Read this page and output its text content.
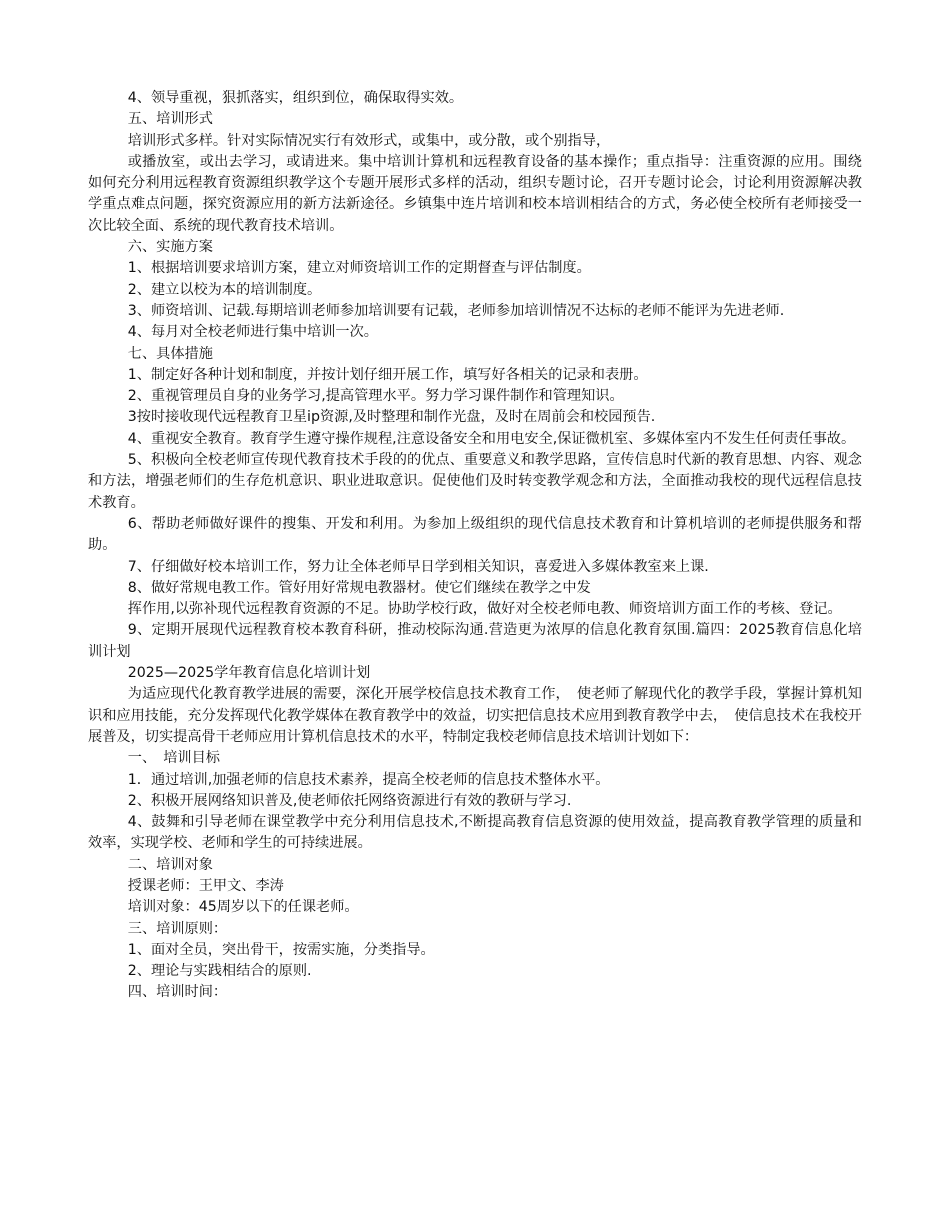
4、领导重视，狠抓落实，组织到位，确保取得实效。

五、培训形式

培训形式多样。针对实际情况实行有效形式，或集中，或分散，或个别指导，

或播放室，或出去学习，或请进来。集中培训计算机和远程教育设备的基本操作；重点指导：注重资源的应用。围绕如何充分利用远程教育资源组织教学这个专题开展形式多样的活动，组织专题讨论，召开专题讨论会，讨论利用资源解决教学重点难点问题，探究资源应用的新方法新途径。乡镇集中连片培训和校本培训相结合的方式，务必使全校所有老师接受一次比较全面、系统的现代教育技术培训。

六、实施方案

1、根据培训要求培训方案，建立对师资培训工作的定期督查与评估制度。

2、建立以校为本的培训制度。

3、师资培训、记载.每期培训老师参加培训要有记载，老师参加培训情况不达标的老师不能评为先进老师.

4、每月对全校老师进行集中培训一次。

七、具体措施

1、制定好各种计划和制度，并按计划仔细开展工作，填写好各相关的记录和表册。

2、重视管理员自身的业务学习,提高管理水平。努力学习课件制作和管理知识。

3按时接收现代远程教育卫星ip资源,及时整理和制作光盘，及时在周前会和校园预告.

4、重视安全教育。教育学生遵守操作规程,注意设备安全和用电安全,保证微机室、多媒体室内不发生任何责任事故。

5、积极向全校老师宣传现代教育技术手段的的优点、重要意义和教学思路，宣传信息时代新的教育思想、内容、观念和方法，增强老师们的生存危机意识、职业进取意识。促使他们及时转变教学观念和方法，全面推动我校的现代远程信息技术教育。

6、帮助老师做好课件的搜集、开发和利用。为参加上级组织的现代信息技术教育和计算机培训的老师提供服务和帮助。

7、仔细做好校本培训工作，努力让全体老师早日学到相关知识，喜爱进入多媒体教室来上课.

8、做好常规电教工作。管好用好常规电教器材。使它们继续在教学之中发

挥作用,以弥补现代远程教育资源的不足。协助学校行政，做好对全校老师电教、师资培训方面工作的考核、登记。

9、定期开展现代远程教育校本教育科研，推动校际沟通.营造更为浓厚的信息化教育氛围.篇四：2025教育信息化培训计划

2025—2025学年教育信息化培训计划

为适应现代化教育教学进展的需要，深化开展学校信息技术教育工作，　使老师了解现代化的教学手段，掌握计算机知识和应用技能，充分发挥现代化教学媒体在教育教学中的效益，切实把信息技术应用到教育教学中去，　使信息技术在我校开展普及，切实提高骨干老师应用计算机信息技术的水平，特制定我校老师信息技术培训计划如下：

一、　培训目标

1．通过培训,加强老师的信息技术素养，提高全校老师的信息技术整体水平。

2、积极开展网络知识普及,使老师依托网络资源进行有效的教研与学习.

4、鼓舞和引导老师在课堂教学中充分利用信息技术,不断提高教育信息资源的使用效益，提高教育教学管理的质量和效率，实现学校、老师和学生的可持续进展。

二、培训对象

授课老师：王甲文、李涛

培训对象：45周岁以下的任课老师。

三、培训原则：

1、面对全员，突出骨干，按需实施，分类指导。

2、理论与实践相结合的原则.

四、培训时间：
